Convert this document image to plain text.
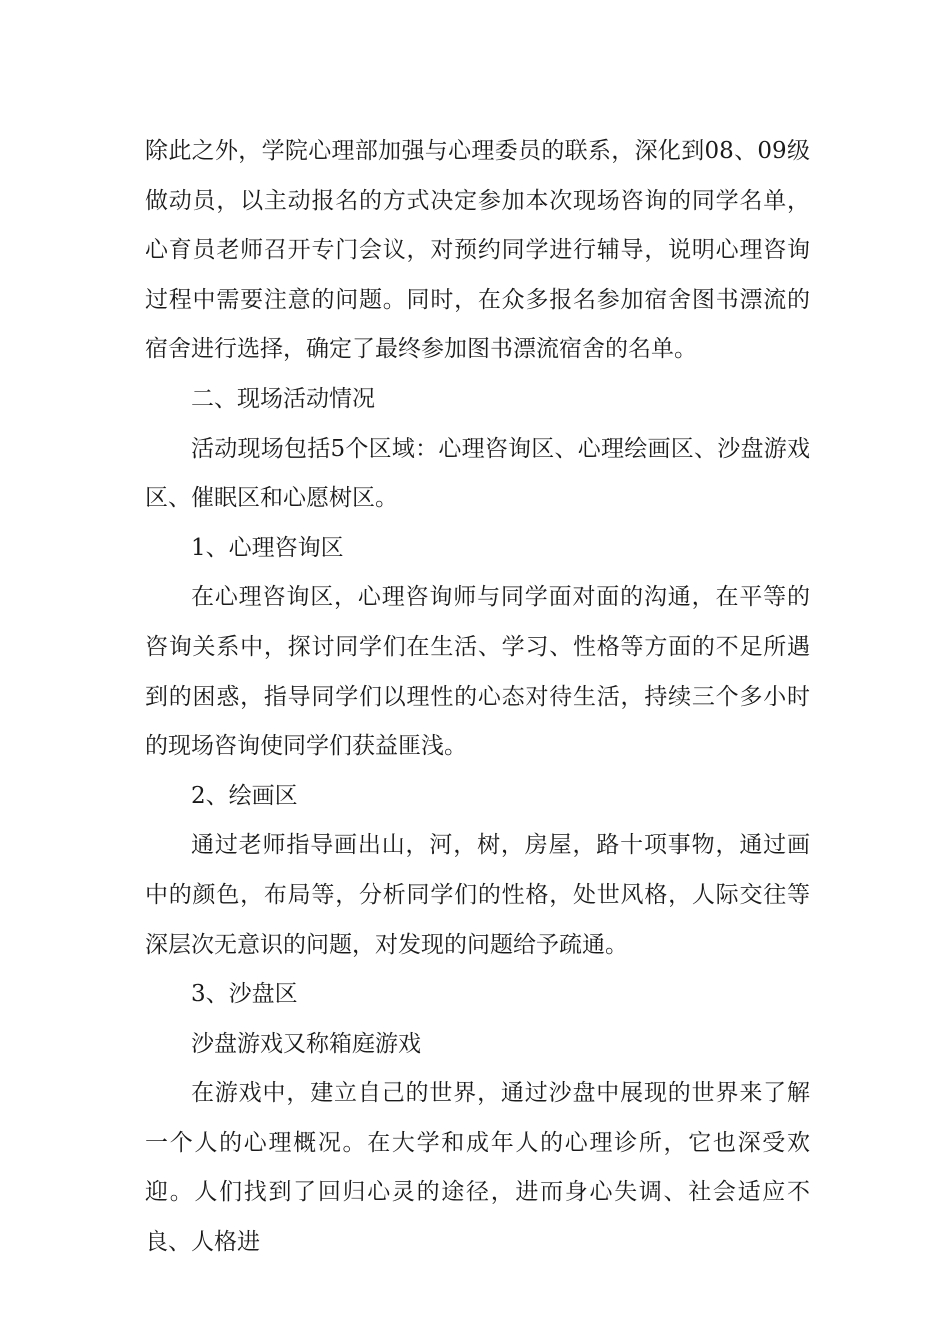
除此之外，学院心理部加强与心理委员的联系，深化到08、09级做动员，以主动报名的方式决定参加本次现场咨询的同学名单，心育员老师召开专门会议，对预约同学进行辅导，说明心理咨询过程中需要注意的问题。同时，在众多报名参加宿舍图书漂流的宿舍进行选择，确定了最终参加图书漂流宿舍的名单。

二、现场活动情况

活动现场包括5个区域：心理咨询区、心理绘画区、沙盘游戏区、催眠区和心愿树区。

1、心理咨询区

在心理咨询区，心理咨询师与同学面对面的沟通，在平等的咨询关系中，探讨同学们在生活、学习、性格等方面的不足所遇到的困惑，指导同学们以理性的心态对待生活，持续三个多小时的现场咨询使同学们获益匪浅。

2、绘画区

通过老师指导画出山，河，树，房屋，路十项事物，通过画中的颜色，布局等，分析同学们的性格，处世风格，人际交往等深层次无意识的问题，对发现的问题给予疏通。

3、沙盘区

沙盘游戏又称箱庭游戏

在游戏中，建立自己的世界，通过沙盘中展现的世界来了解一个人的心理概况。在大学和成年人的心理诊所，它也深受欢迎。人们找到了回归心灵的途径，进而身心失调、社会适应不良、人格进
